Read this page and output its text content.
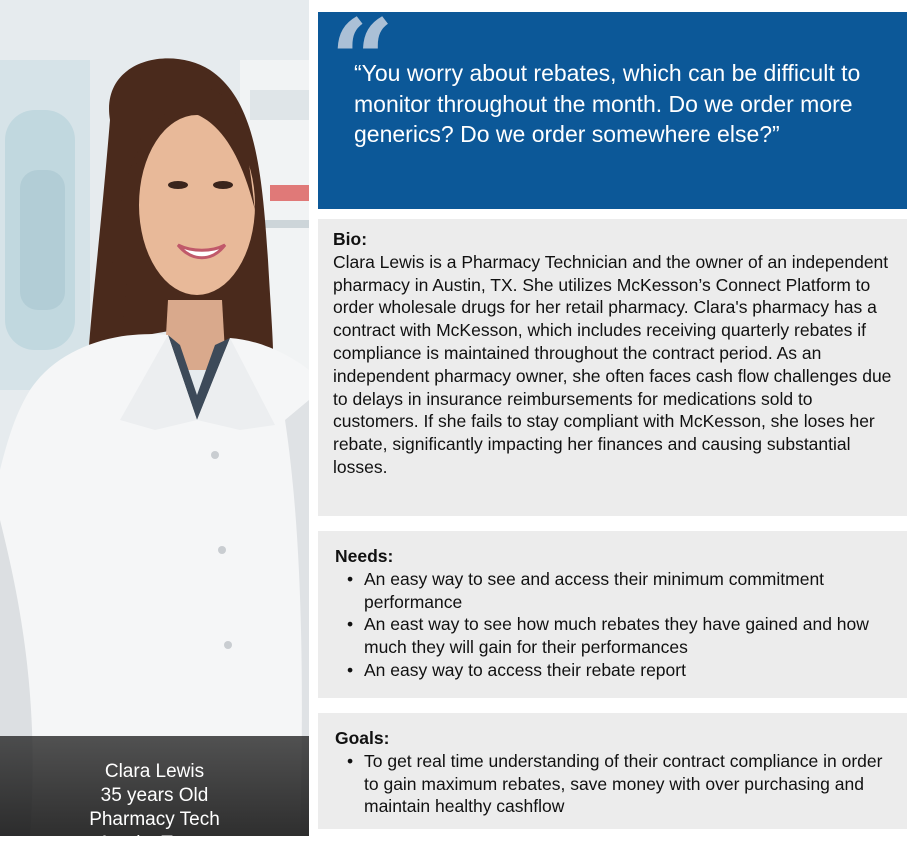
Clara Lewis
35 years Old
Pharmacy Tech
Austin, Texas
“
“You worry about rebates, which can be difficult to monitor throughout the month. Do we order more generics? Do we order somewhere else?”
Bio:

Clara Lewis is a Pharmacy Technician and the owner of an independent pharmacy in Austin, TX. She utilizes McKesson’s Connect Platform to order wholesale drugs for her retail pharmacy. Clara's pharmacy has a contract with McKesson, which includes receiving quarterly rebates if compliance is maintained throughout the contract period. As an independent pharmacy owner, she often faces cash flow challenges due to delays in insurance reimbursements for medications sold to customers. If she fails to stay compliant with McKesson, she loses her rebate, significantly impacting her finances and causing substantial losses.

Needs:
• An easy way to see and access their minimum commitment performance
• An east way to see how much rebates they have gained and how much they will gain for their performances
• An easy way to access their rebate report
Goals:
• To get real time understanding of their contract compliance in order to gain maximum rebates, save money with over purchasing and maintain healthy cashflow
